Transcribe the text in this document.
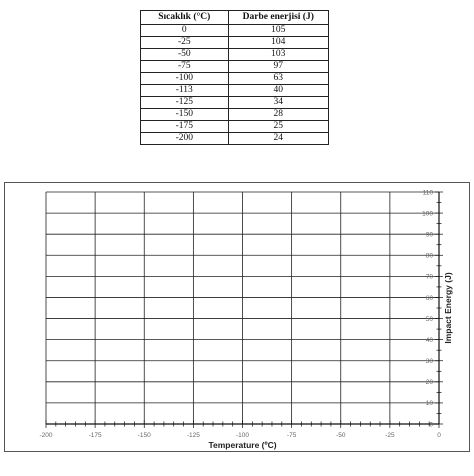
Sıcaklık (°C)	Darbe enerjisi (J)
0	105
-25	104
-50	103
-75	97
-100	63
-113	40
-125	34
-150	28
-175	25
-200	24
-200	-175	-150	-125	-100	-75	-50	-25	0
0
10
20
30
40
50
60
70
80
90
100
110
Temperature (ºC)
Impact Energy (J)
